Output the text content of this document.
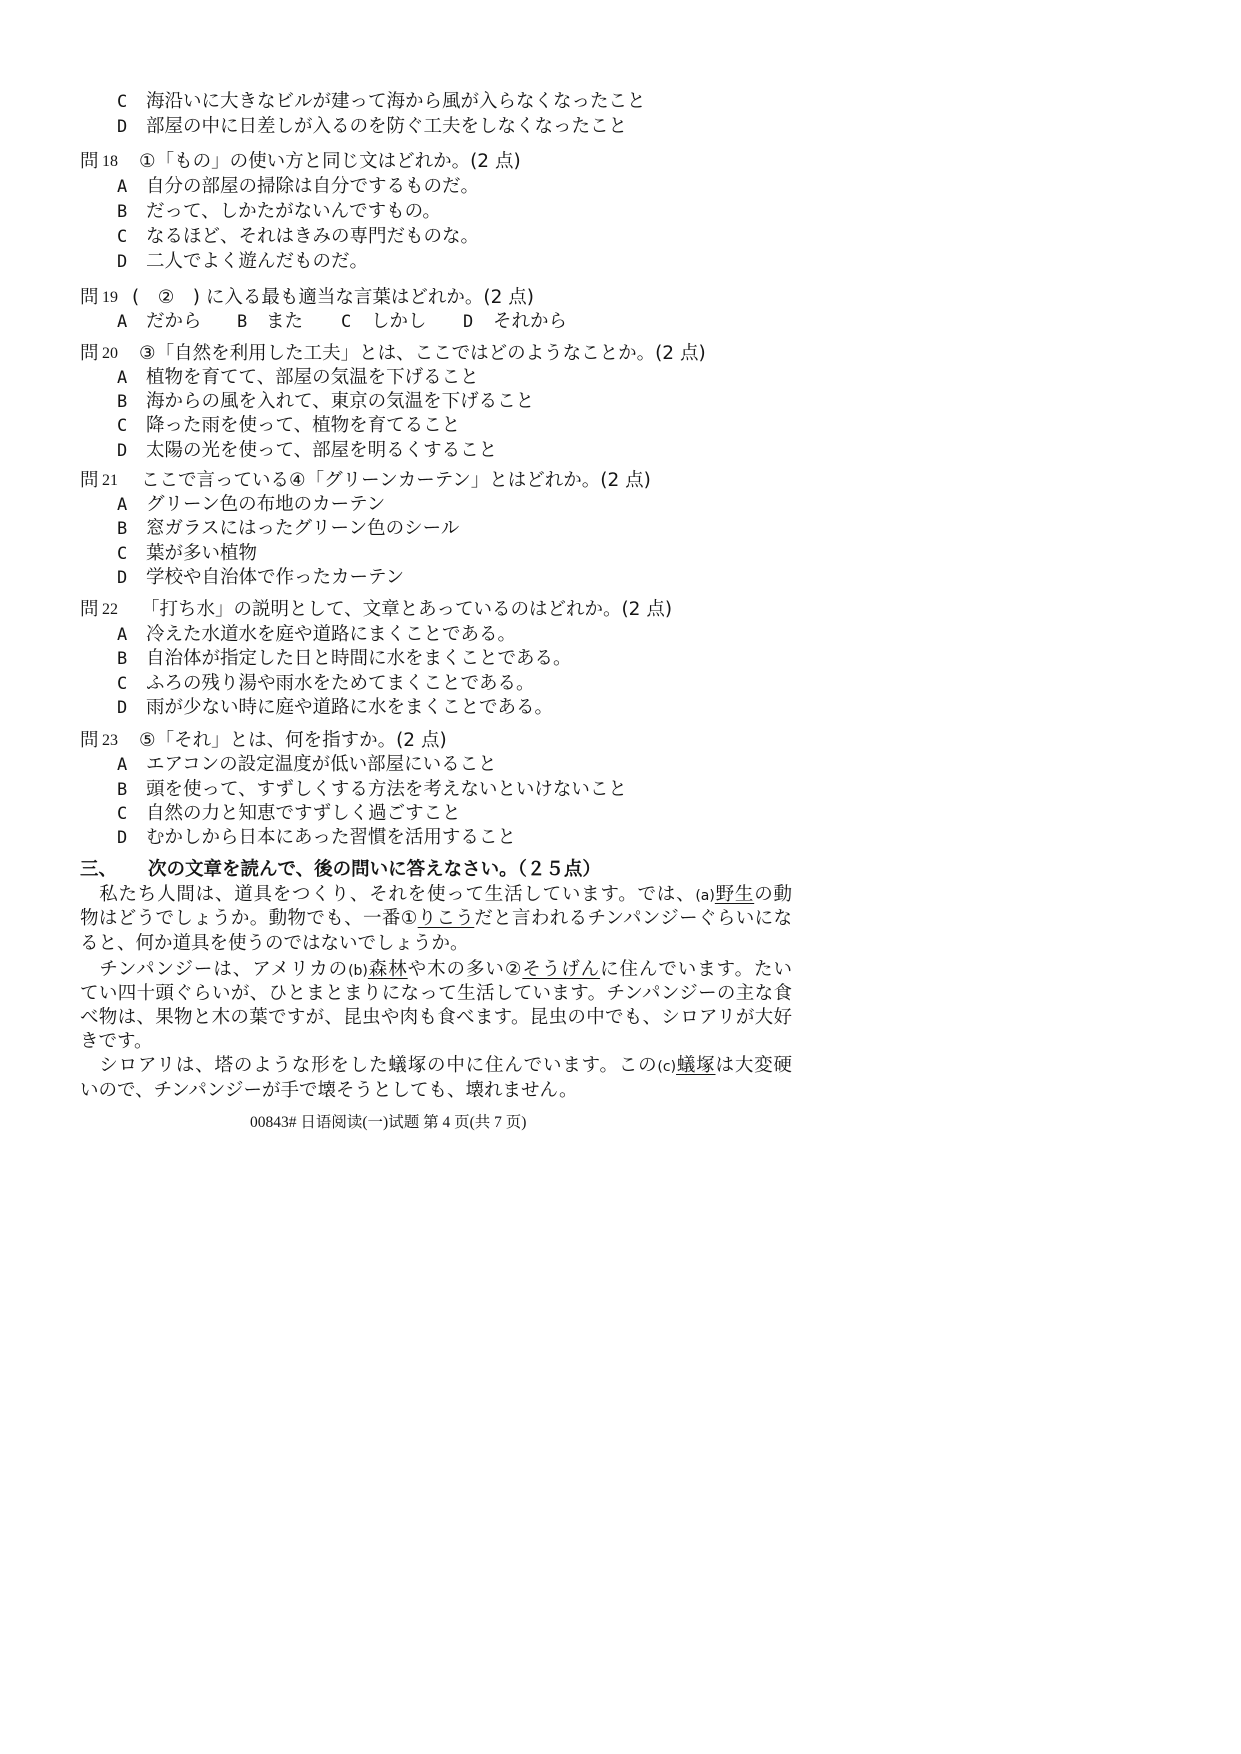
C 海沿いに大きなビルが建って海から風が入らなくなったこと
D 部屋の中に日差しが入るのを防ぐ工夫をしなくなったこと
問 18 ①「もの」の使い方と同じ文はどれか。(2 点)
A 自分の部屋の掃除は自分でするものだ。
B だって、しかたがないんですもの。
C なるほど、それはきみの専門だものな。
D 二人でよく遊んだものだ。
問 19 (　②　) に入る最も適当な言葉はどれか。(2 点)
A だから B また C しかし D それから
問 20 ③「自然を利用した工夫」とは、ここではどのようなことか。(2 点)
A 植物を育てて、部屋の気温を下げること
B 海からの風を入れて、東京の気温を下げること
C 降った雨を使って、植物を育てること
D 太陽の光を使って、部屋を明るくすること
問 21 ここで言っている④「グリーンカーテン」とはどれか。(2 点)
A グリーン色の布地のカーテン
B 窓ガラスにはったグリーン色のシール
C 葉が多い植物
D 学校や自治体で作ったカーテン
問 22 「打ち水」の説明として、文章とあっているのはどれか。(2 点)
A 冷えた水道水を庭や道路にまくことである。
B 自治体が指定した日と時間に水をまくことである。
C ふろの残り湯や雨水をためてまくことである。
D 雨が少ない時に庭や道路に水をまくことである。
問 23 ⑤「それ」とは、何を指すか。(2 点)
A エアコンの設定温度が低い部屋にいること
B 頭を使って、すずしくする方法を考えないといけないこと
C 自然の力と知恵ですずしく過ごすこと
D むかしから日本にあった習慣を活用すること
三、 次の文章を読んで、後の問いに答えなさい。（２５点）
　私たち人間は、道具をつくり、それを使って生活しています。では、(a)野生の動
物はどうでしょうか。動物でも、一番①りこうだと言われるチンパンジーぐらいにな
ると、何か道具を使うのではないでしょうか。
　チンパンジーは、アメリカの(b)森林や木の多い②そうげんに住んでいます。たい
てい四十頭ぐらいが、ひとまとまりになって生活しています。チンパンジーの主な食
べ物は、果物と木の葉ですが、昆虫や肉も食べます。昆虫の中でも、シロアリが大好
きです。
　シロアリは、塔のような形をした蟻塚の中に住んでいます。この(c)蟻塚は大変硬
いので、チンパンジーが手で壊そうとしても、壊れません。
00843# 日语阅读(一)试题 第 4 页(共 7 页)
